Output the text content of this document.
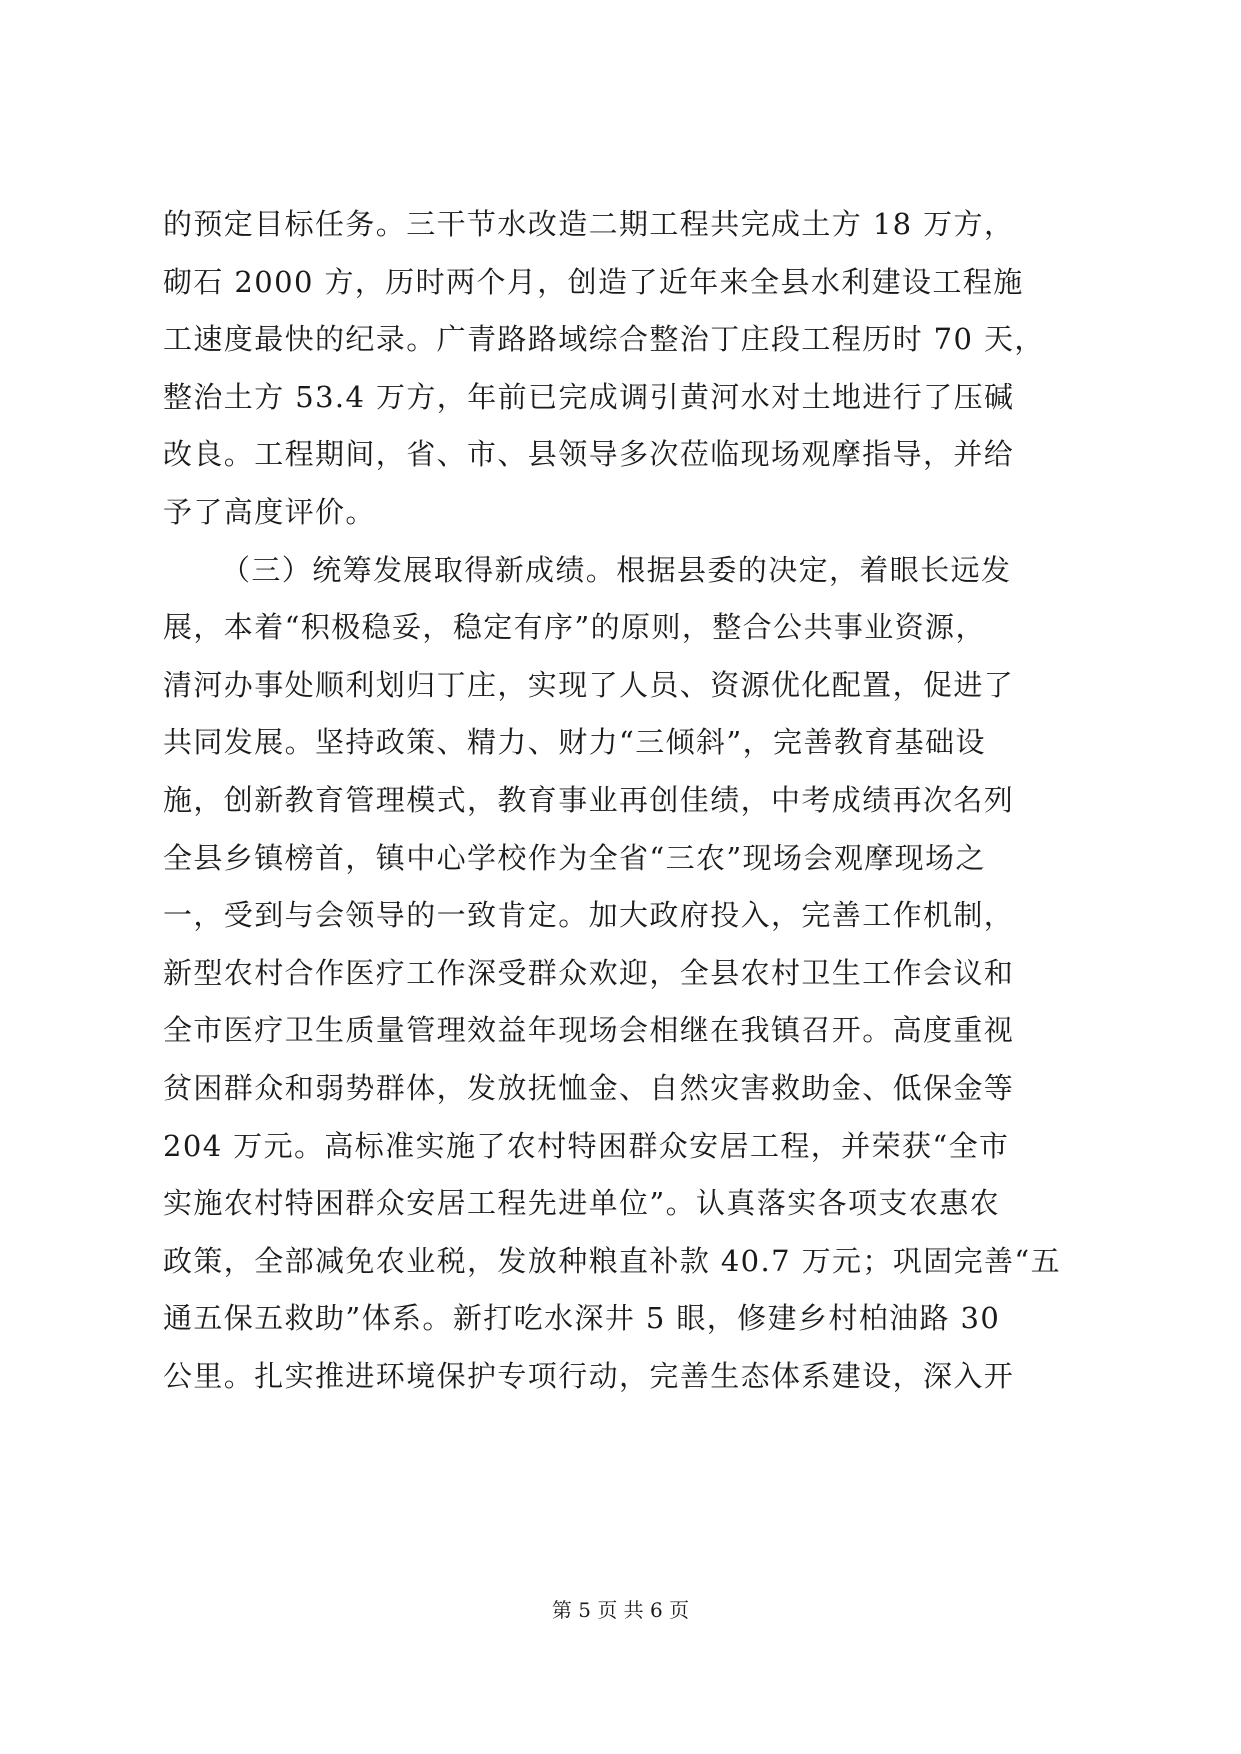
的预定目标任务。三干节水改造二期工程共完成土方 18 万方，
砌石 2000 方，历时两个月，创造了近年来全县水利建设工程施
工速度最快的纪录。广青路路域综合整治丁庄段工程历时 70 天，
整治土方 53.4 万方，年前已完成调引黄河水对土地进行了压碱
改良。工程期间，省、市、县领导多次莅临现场观摩指导，并给
予了高度评价。
（三）统筹发展取得新成绩。根据县委的决定，着眼长远发
展，本着“积极稳妥，稳定有序”的原则，整合公共事业资源，
清河办事处顺利划归丁庄，实现了人员、资源优化配置，促进了
共同发展。坚持政策、精力、财力“三倾斜”，完善教育基础设
施，创新教育管理模式，教育事业再创佳绩，中考成绩再次名列
全县乡镇榜首，镇中心学校作为全省“三农”现场会观摩现场之
一，受到与会领导的一致肯定。加大政府投入，完善工作机制，
新型农村合作医疗工作深受群众欢迎，全县农村卫生工作会议和
全市医疗卫生质量管理效益年现场会相继在我镇召开。高度重视
贫困群众和弱势群体，发放抚恤金、自然灾害救助金、低保金等
204 万元。高标准实施了农村特困群众安居工程，并荣获“全市
实施农村特困群众安居工程先进单位”。认真落实各项支农惠农
政策，全部减免农业税，发放种粮直补款 40.7 万元；巩固完善“五
通五保五救助”体系。新打吃水深井 5 眼，修建乡村柏油路 30
公里。扎实推进环境保护专项行动，完善生态体系建设，深入开
第 5 页 共 6 页
